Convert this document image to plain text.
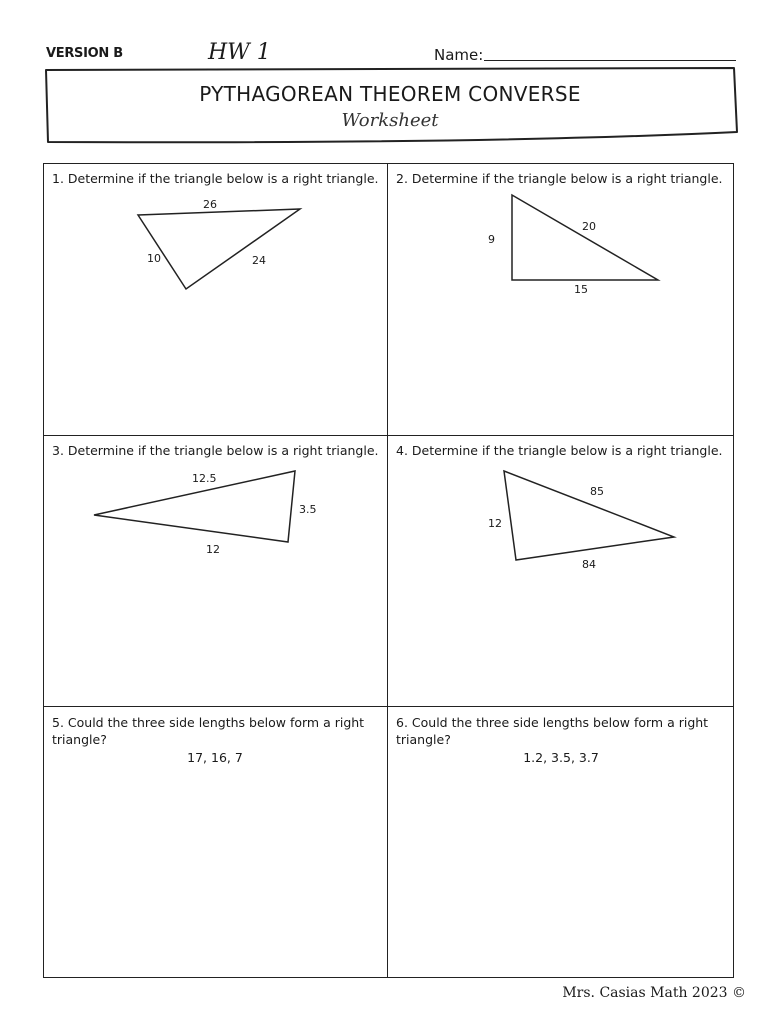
VERSION B	HW 1	Name:
PYTHAGOREAN THEOREM CONVERSE
Worksheet
1. Determine if the triangle below is a right triangle.
26
10	24
2. Determine if the triangle below is a right triangle.
20
9
15
3. Determine if the triangle below is a right triangle.
12.5
3.5
12
4. Determine if the triangle below is a right triangle.
85
12
84
5. Could the three side lengths below form a right triangle?
17, 16, 7
6. Could the three side lengths below form a right triangle?
1.2, 3.5, 3.7
Mrs. Casias Math 2023 ©
